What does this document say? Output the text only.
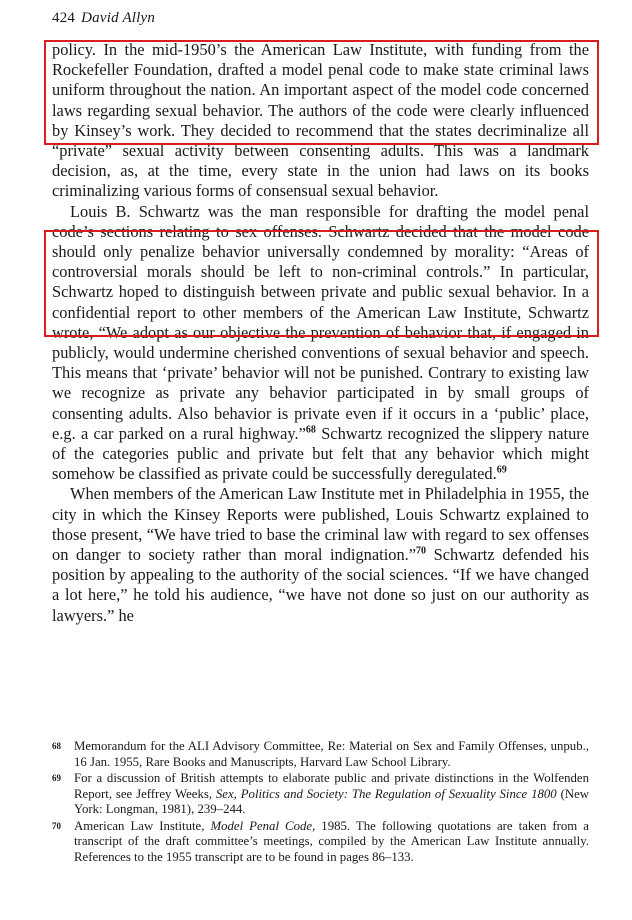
424 David Allyn

policy. In the mid-1950’s the American Law Institute, with funding from the Rockefeller Foundation, drafted a model penal code to make state criminal laws uniform throughout the nation. An important aspect of the model code concerned laws regarding sexual behavior. The authors of the code were clearly influenced by Kinsey’s work. They decided to recommend that the states decriminalize all “private” sexual activity between consenting adults. This was a landmark decision, as, at the time, every state in the union had laws on its books criminalizing various forms of consensual sexual behavior.

Louis B. Schwartz was the man responsible for drafting the model penal code’s sections relating to sex offenses. Schwartz decided that the model code should only penalize behavior universally condemned by morality: “Areas of controversial morals should be left to non-criminal controls.” In particular, Schwartz hoped to distinguish between private and public sexual behavior. In a confidential report to other members of the American Law Institute, Schwartz wrote, “We adopt as our objective the prevention of behavior that, if engaged in publicly, would undermine cherished conventions of sexual behavior and speech. This means that ‘private’ behavior will not be punished. Contrary to existing law we recognize as private any behavior participated in by small groups of consenting adults. Also behavior is private even if it occurs in a ‘public’ place, e.g. a car parked on a rural highway.”$^{68}$ Schwartz recognized the slippery nature of the categories public and private but felt that any behavior which might somehow be classified as private could be successfully deregulated.$^{69}$

When members of the American Law Institute met in Philadelphia in 1955, the city in which the Kinsey Reports were published, Louis Schwartz explained to those present, “We have tried to base the criminal law with regard to sex offenses on danger to society rather than moral indignation.”$^{70}$ Schwartz defended his position by appealing to the authority of the social sciences. “If we have changed a lot here,” he told his audience, “we have not done so just on our authority as lawyers.” he

68	Memorandum for the ALI Advisory Committee, Re: Material on Sex and Family Offenses, unpub., 16 Jan. 1955, Rare Books and Manuscripts, Harvard Law School Library.
69	For a discussion of British attempts to elaborate public and private distinctions in the Wolfenden Report, see Jeffrey Weeks, Sex, Politics and Society: The Regulation of Sexuality Since 1800 (New York: Longman, 1981), 239–244.
70	American Law Institute, Model Penal Code, 1985. The following quotations are taken from a transcript of the draft committee’s meetings, compiled by the American Law Institute annually. References to the 1955 transcript are to be found in pages 86–133.
